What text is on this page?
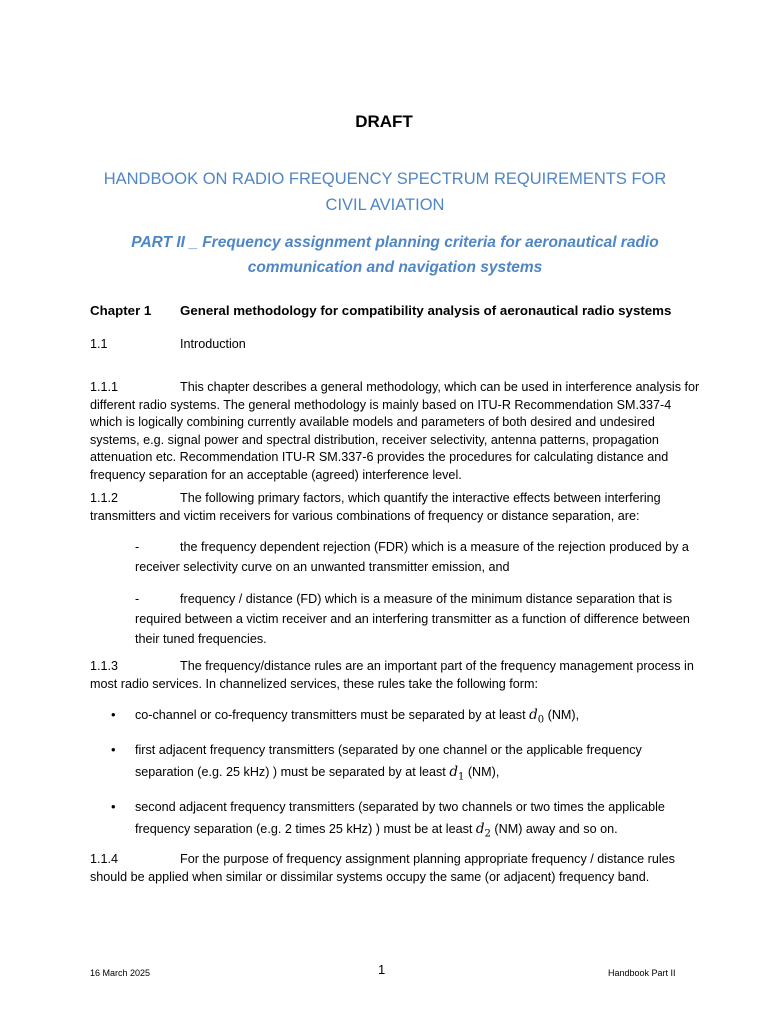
DRAFT
HANDBOOK ON RADIO FREQUENCY SPECTRUM REQUIREMENTS FOR CIVIL AVIATION
PART II _ Frequency assignment planning criteria for aeronautical radio communication and navigation systems
Chapter 1 General methodology for compatibility analysis of aeronautical radio systems
1.1	Introduction
1.1.1	This chapter describes a general methodology, which can be used in interference analysis for different radio systems. The general methodology is mainly based on ITU-R Recommendation SM.337-4 which is logically combining currently available models and parameters of both desired and undesired systems, e.g. signal power and spectral distribution, receiver selectivity, antenna patterns, propagation attenuation etc. Recommendation ITU-R SM.337-6 provides the procedures for calculating distance and frequency separation for an acceptable (agreed) interference level.
1.1.2	The following primary factors, which quantify the interactive effects between interfering transmitters and victim receivers for various combinations of frequency or distance separation, are:
-	the frequency dependent rejection (FDR) which is a measure of the rejection produced by a receiver selectivity curve on an unwanted transmitter emission, and
-	frequency / distance (FD) which is a measure of the minimum distance separation that is required between a victim receiver and an interfering transmitter as a function of difference between their tuned frequencies.
1.1.3	The frequency/distance rules are an important part of the frequency management process in most radio services. In channelized services, these rules take the following form:
• co-channel or co-frequency transmitters must be separated by at least $d_0$ (NM),
• first adjacent frequency transmitters (separated by one channel or the applicable frequency separation (e.g. 25 kHz) ) must be separated by at least $d_1$ (NM),
• second adjacent frequency transmitters (separated by two channels or two times the applicable frequency separation (e.g. 2 times 25 kHz) ) must be at least $d_2$ (NM) away and so on.
1.1.4	For the purpose of frequency assignment planning appropriate frequency / distance rules should be applied when similar or dissimilar systems occupy the same (or adjacent) frequency band.
16 March 2025	1	Handbook Part II
